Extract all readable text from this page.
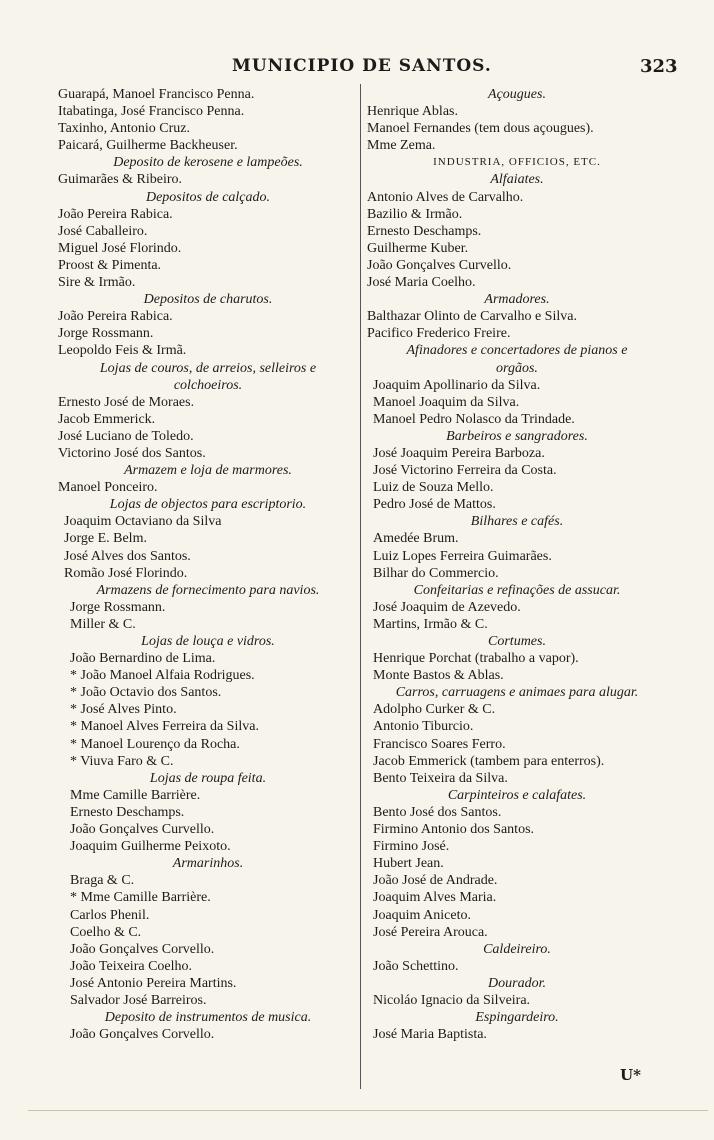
MUNICIPIO DE SANTOS.	323
Guarapá, Manoel Francisco Penna.
Itabatinga, José Francisco Penna.
Taxinho, Antonio Cruz.
Paicará, Guilherme Backheuser.
Deposito de kerosene e lampeões.
Guimarães & Ribeiro.
Depositos de calçado.
João Pereira Rabica.
José Caballeiro.
Miguel José Florindo.
Proost & Pimenta.
Sire & Irmão.
Depositos de charutos.
João Pereira Rabica.
Jorge Rossmann.
Leopoldo Feis & Irmã.
Lojas de couros, de arreios, selleiros e
colchoeiros.
Ernesto José de Moraes.
Jacob Emmerick.
José Luciano de Toledo.
Victorino José dos Santos.
Armazem e loja de marmores.
Manoel Ponceiro.
Lojas de objectos para escriptorio.
Joaquim Octaviano da Silva
Jorge E. Belm.
José Alves dos Santos.
Romão José Florindo.
Armazens de fornecimento para navios.
Jorge Rossmann.
Miller & C.
Lojas de louça e vidros.
João Bernardino de Lima.
* João Manoel Alfaia Rodrigues.
* João Octavio dos Santos.
* José Alves Pinto.
* Manoel Alves Ferreira da Silva.
* Manoel Lourenço da Rocha.
* Viuva Faro & C.
Lojas de roupa feita.
Mme Camille Barrière.
Ernesto Deschamps.
João Gonçalves Curvello.
Joaquim Guilherme Peixoto.
Armarinhos.
Braga & C.
* Mme Camille Barrière.
Carlos Phenil.
Coelho & C.
João Gonçalves Corvello.
João Teixeira Coelho.
José Antonio Pereira Martins.
Salvador José Barreiros.
Deposito de instrumentos de musica.
João Gonçalves Corvello.
Açougues.
Henrique Ablas.
Manoel Fernandes (tem dous açougues).
Mme Zema.
INDUSTRIA, OFFICIOS, ETC.
Alfaiates.
Antonio Alves de Carvalho.
Bazilio & Irmão.
Ernesto Deschamps.
Guilherme Kuber.
João Gonçalves Curvello.
José Maria Coelho.
Armadores.
Balthazar Olinto de Carvalho e Silva.
Pacifico Frederico Freire.
Afinadores e concertadores de pianos e
orgãos.
Joaquim Apollinario da Silva.
Manoel Joaquim da Silva.
Manoel Pedro Nolasco da Trindade.
Barbeiros e sangradores.
José Joaquim Pereira Barboza.
José Victorino Ferreira da Costa.
Luiz de Souza Mello.
Pedro José de Mattos.
Bilhares e cafés.
Amedée Brum.
Luiz Lopes Ferreira Guimarães.
Bilhar do Commercio.
Confeitarias e refinações de assucar.
José Joaquim de Azevedo.
Martins, Irmão & C.
Cortumes.
Henrique Porchat (trabalho a vapor).
Monte Bastos & Ablas.
Carros, carruagens e animaes para alugar.
Adolpho Curker & C.
Antonio Tiburcio.
Francisco Soares Ferro.
Jacob Emmerick (tambem para enterros).
Bento Teixeira da Silva.
Carpinteiros e calafates.
Bento José dos Santos.
Firmino Antonio dos Santos.
Firmino José.
Hubert Jean.
João José de Andrade.
Joaquim Alves Maria.
Joaquim Aniceto.
José Pereira Arouca.
Caldeireiro.
João Schettino.
Dourador.
Nicoláo Ignacio da Silveira.
Espingardeiro.
José Maria Baptista.
U*
